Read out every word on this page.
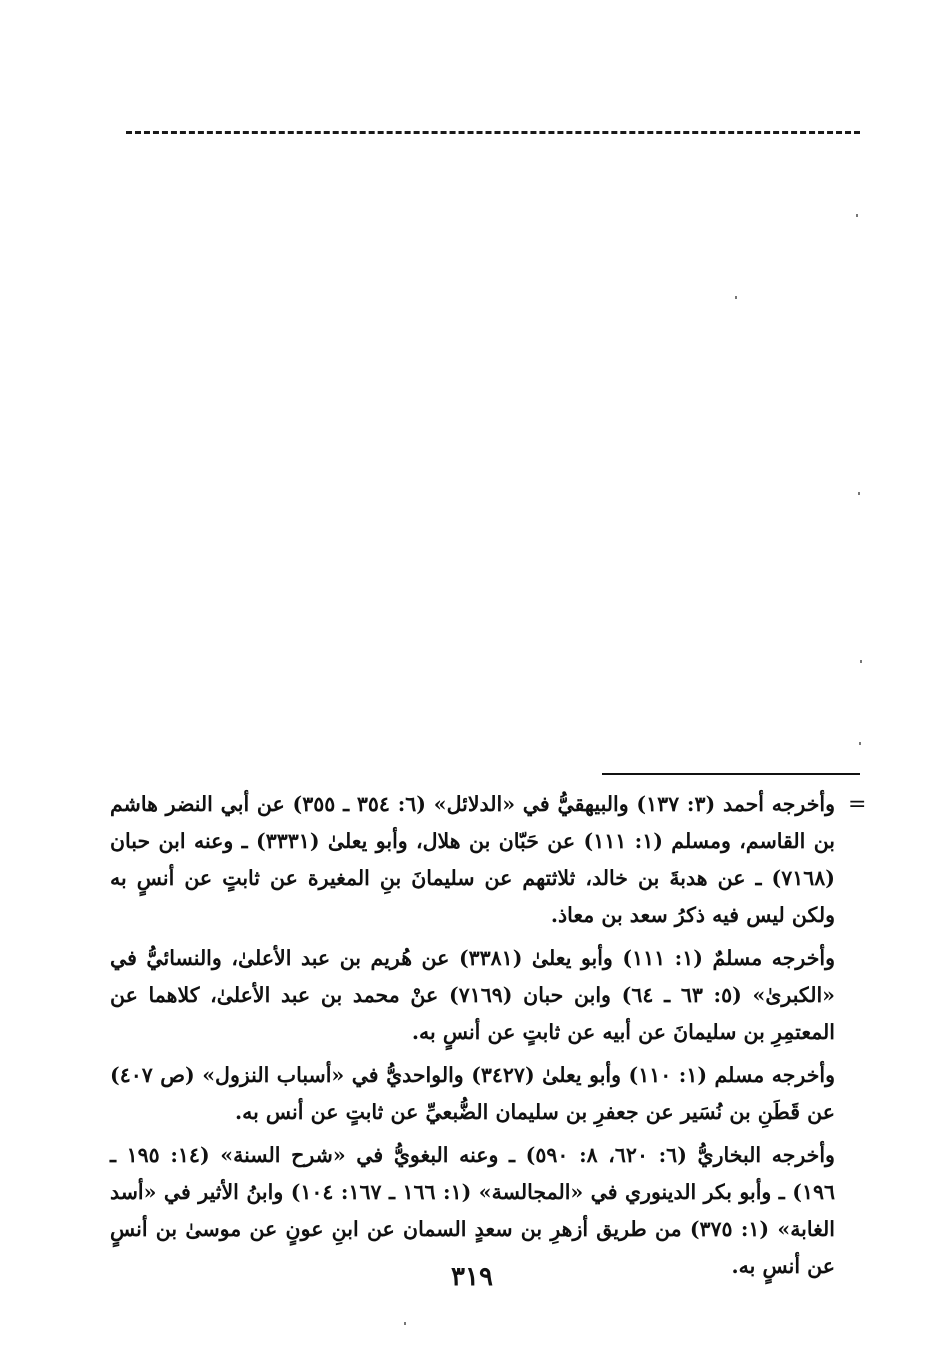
=

وأخرجه أحمد (٣: ١٣٧) والبيهقيُّ في «الدلائل» (٦: ٣٥٤ ـ ٣٥٥) عن أبي النضر هاشم بن القاسم، ومسلم (١: ١١١) عن حَبّان بن هلال، وأبو يعلىٰ (٣٣٣١) ـ وعنه ابن حبان (٧١٦٨) ـ عن هدبةَ بن خالد، ثلاثتهم عن سليمانَ بنِ المغيرة عن ثابتٍ عن أنسٍ به ولكن ليس فيه ذكرُ سعد بن معاذ.

وأخرجه مسلمٌ (١: ١١١) وأبو يعلىٰ (٣٣٨١) عن هُريم بن عبد الأعلىٰ، والنسائيُّ في «الكبرىٰ» (٥: ٦٣ ـ ٦٤) وابن حبان (٧١٦٩) عنْ محمد بن عبد الأعلىٰ، كلاهما عن المعتمِرِ بن سليمانَ عن أبيه عن ثابتٍ عن أنسٍ به.

وأخرجه مسلم (١: ١١٠) وأبو يعلىٰ (٣٤٢٧) والواحديُّ في «أسباب النزول» (ص ٤٠٧) عن قَطَنِ بن نُسَير عن جعفرِ بن سليمان الضُّبعيِّ عن ثابتٍ عن أنس به.

وأخرجه البخاريُّ (٦: ٦٢٠، ٨: ٥٩٠) ـ وعنه البغويُّ في «شرح السنة» (١٤: ١٩٥ ـ ١٩٦) ـ وأبو بكر الدينوري في «المجالسة» (١: ١٦٦ ـ ١٦٧: ١٠٤) وابنُ الأثير في «أسد الغابة» (١: ٣٧٥) من طريق أزهرِ بن سعدٍ السمان عن ابنِ عونٍ عن موسىٰ بن أنسٍ عن أنسٍ به.

٣١٩
